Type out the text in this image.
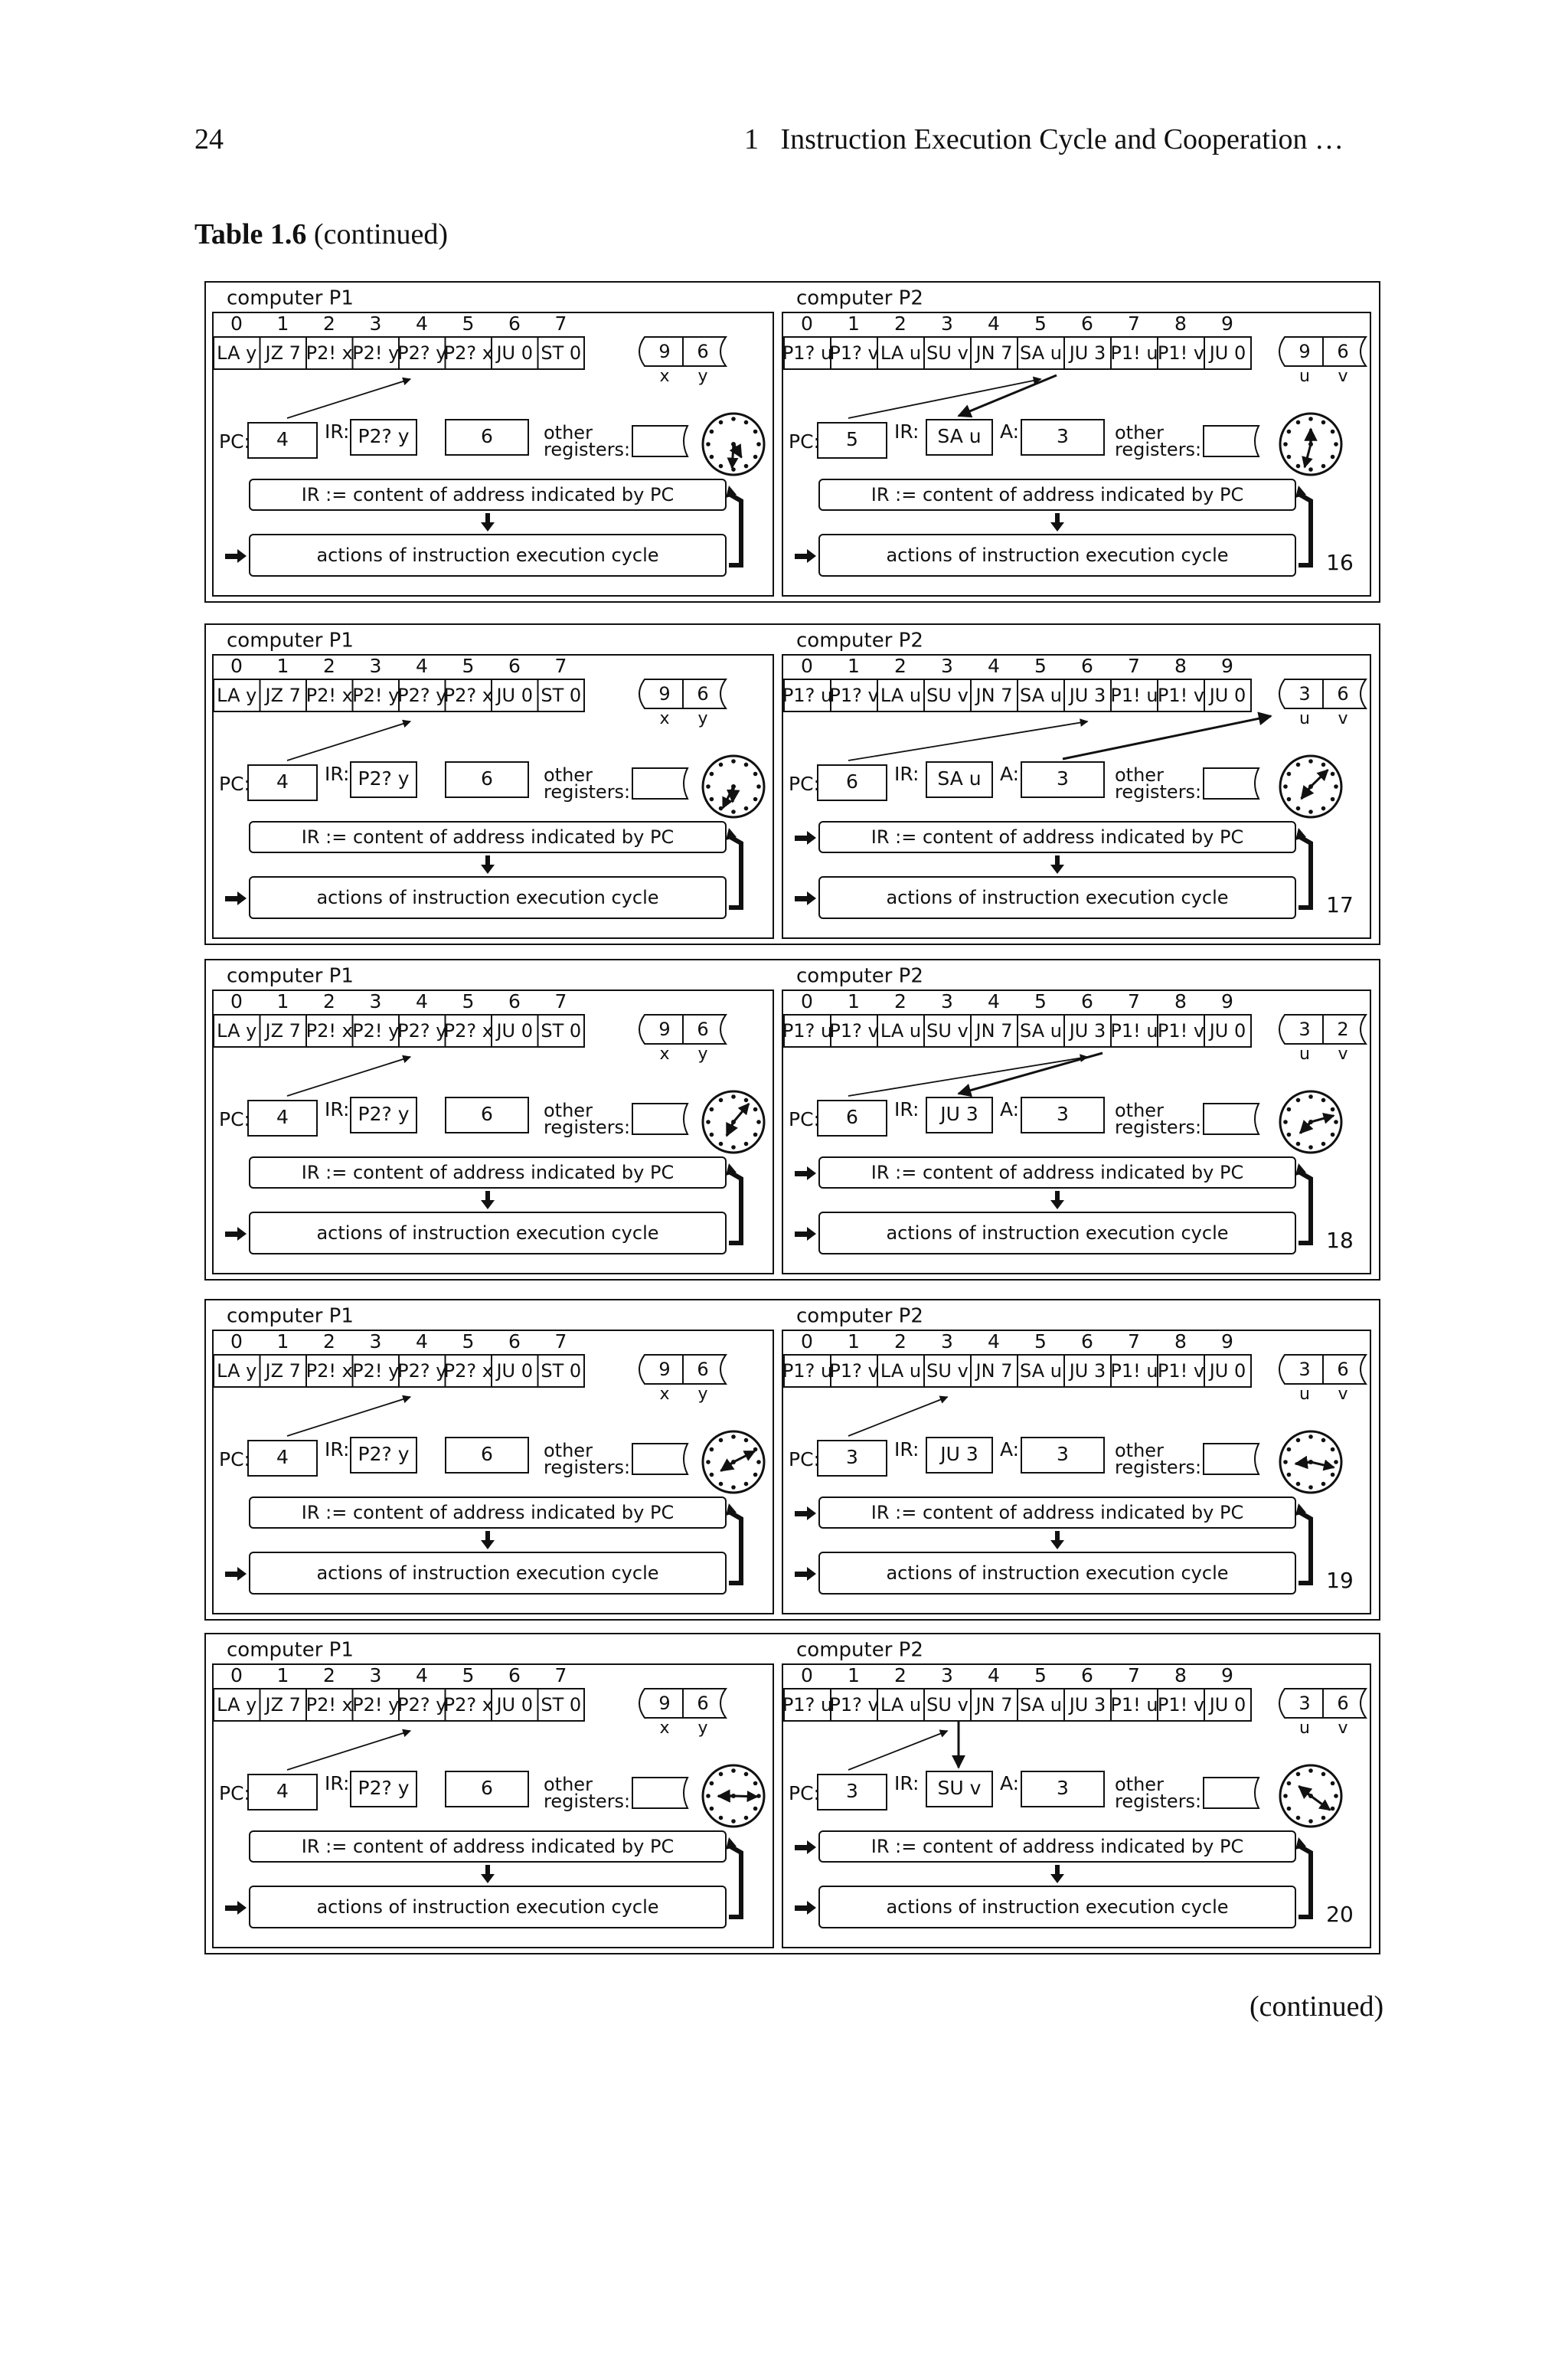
24	1   Instruction Execution Cycle and Cooperation …
Table 1.6 (continued)
(continued)
computer P1
0 1 2 3 4 5 6 7
LA y JZ 7 P2! x P2! y
P2? y
P2? x JU 0 ST 0	9 6
x y
PC: 4 IR: P2? y	6	other
registers:
IR := content of address indicated by PC
actions of instruction execution cycle
computer P2
0 1 2 3 4 5 6 7 8 9
P1? u
P1? v LA u SU v JN 7 SA u JU 3 P1! u P1! v JU 0	9 6
u v
PC: 5 IR: SA u A: 3	other
registers:
IR := content of address indicated by PC
actions of instruction execution cycle	16
computer P1
0 1 2 3 4 5 6 7
LA y JZ 7 P2! x P2! y
P2? y
P2? x JU 0 ST 0	9 6
x y
PC: 4 IR: P2? y	6	other
registers:
IR := content of address indicated by PC
actions of instruction execution cycle
computer P2
0 1 2 3 4 5 6 7 8 9
P1? u
P1? v LA u SU v JN 7 SA u JU 3 P1! u P1! v JU 0	3 6
u v
PC: 6 IR: SA u A: 3	other
registers:
IR := content of address indicated by PC
actions of instruction execution cycle	17
computer P1
0 1 2 3 4 5 6 7
LA y JZ 7 P2! x P2! y
P2? y
P2? x JU 0 ST 0	9 6
x y
PC: 4 IR: P2? y	6	other
registers:
IR := content of address indicated by PC
actions of instruction execution cycle
computer P2
0 1 2 3 4 5 6 7 8 9
P1? u
P1? v LA u SU v JN 7 SA u JU 3 P1! u P1! v JU 0	3 2
u v
PC: 6 IR: JU 3 A: 3	other
registers:
IR := content of address indicated by PC
actions of instruction execution cycle	18
computer P1
0 1 2 3 4 5 6 7
LA y JZ 7 P2! x P2! y
P2? y
P2? x JU 0 ST 0	9 6
x y
PC: 4 IR: P2? y	6	other
registers:
IR := content of address indicated by PC
actions of instruction execution cycle
computer P2
0 1 2 3 4 5 6 7 8 9
P1? u
P1? v LA u SU v JN 7 SA u JU 3 P1! u P1! v JU 0	3 6
u v
PC: 3 IR: JU 3 A: 3	other
registers:
IR := content of address indicated by PC
actions of instruction execution cycle	19
computer P1
0 1 2 3 4 5 6 7
LA y JZ 7 P2! x P2! y
P2? y
P2? x JU 0 ST 0	9 6
x y
PC: 4 IR: P2? y	6	other
registers:
IR := content of address indicated by PC
actions of instruction execution cycle
computer P2
0 1 2 3 4 5 6 7 8 9
P1? u
P1? v LA u SU v JN 7 SA u JU 3 P1! u P1! v JU 0	3 6
u v
PC: 3 IR: SU v A: 3	other
registers:
IR := content of address indicated by PC
actions of instruction execution cycle	20
